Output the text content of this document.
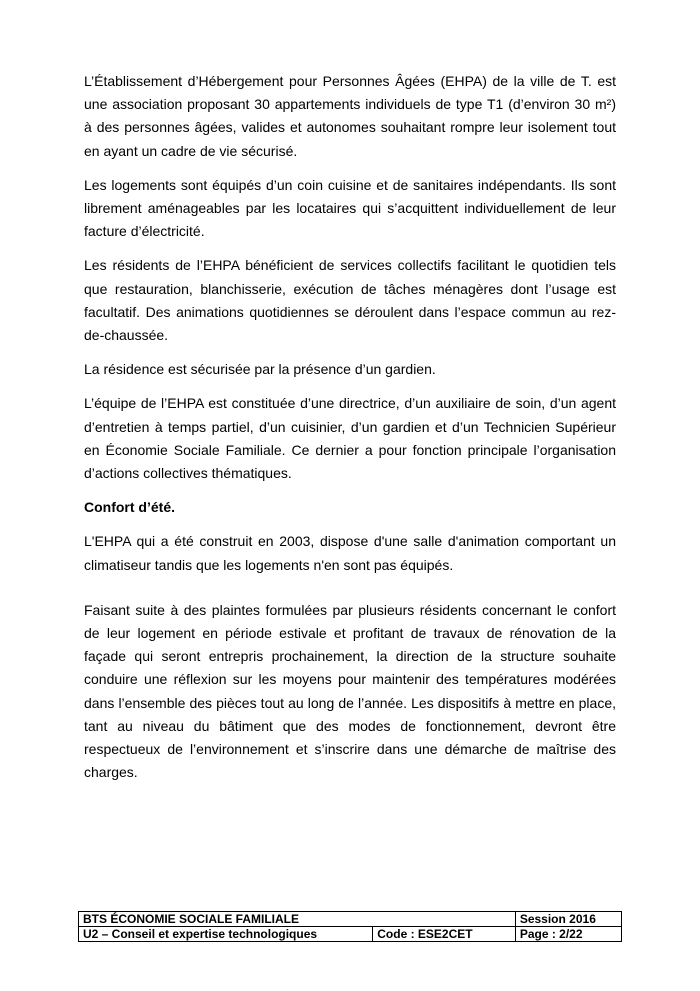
L’Établissement d’Hébergement pour Personnes Âgées (EHPA) de la ville de T. est une association proposant 30 appartements individuels de type T1 (d’environ 30 m²) à des personnes âgées, valides et autonomes souhaitant rompre leur isolement tout en ayant un cadre de vie sécurisé.

Les logements sont équipés d’un coin cuisine et de sanitaires indépendants. Ils sont librement aménageables par les locataires qui s’acquittent individuellement de leur facture d’électricité.

Les résidents de l’EHPA bénéficient de services collectifs facilitant le quotidien tels que restauration, blanchisserie, exécution de tâches ménagères dont l’usage est facultatif. Des animations quotidiennes se déroulent dans l’espace commun au rez-de-chaussée.

La résidence est sécurisée par la présence d’un gardien.

L’équipe de l’EHPA est constituée d’une directrice, d’un auxiliaire de soin, d’un agent d’entretien à temps partiel, d’un cuisinier, d’un gardien et d’un Technicien Supérieur en Économie Sociale Familiale. Ce dernier a pour fonction principale l’organisation d’actions collectives thématiques.

Confort d’été.

L'EHPA qui a été construit en 2003, dispose d'une salle d'animation comportant un climatiseur tandis que les logements n'en sont pas équipés.

Faisant suite à des plaintes formulées par plusieurs résidents concernant le confort de leur logement en période estivale et profitant de travaux de rénovation de la façade qui seront entrepris prochainement, la direction de la structure souhaite conduire une réflexion sur les moyens pour maintenir des températures modérées dans l’ensemble des pièces tout au long de l’année. Les dispositifs à mettre en place, tant au niveau du bâtiment que des modes de fonctionnement, devront être respectueux de l’environnement et s’inscrire dans une démarche de maîtrise des charges.

BTS ÉCONOMIE SOCIALE FAMILIALE		Session 2016
U2 – Conseil et expertise technologiques	Code : ESE2CET	Page : 2/22
